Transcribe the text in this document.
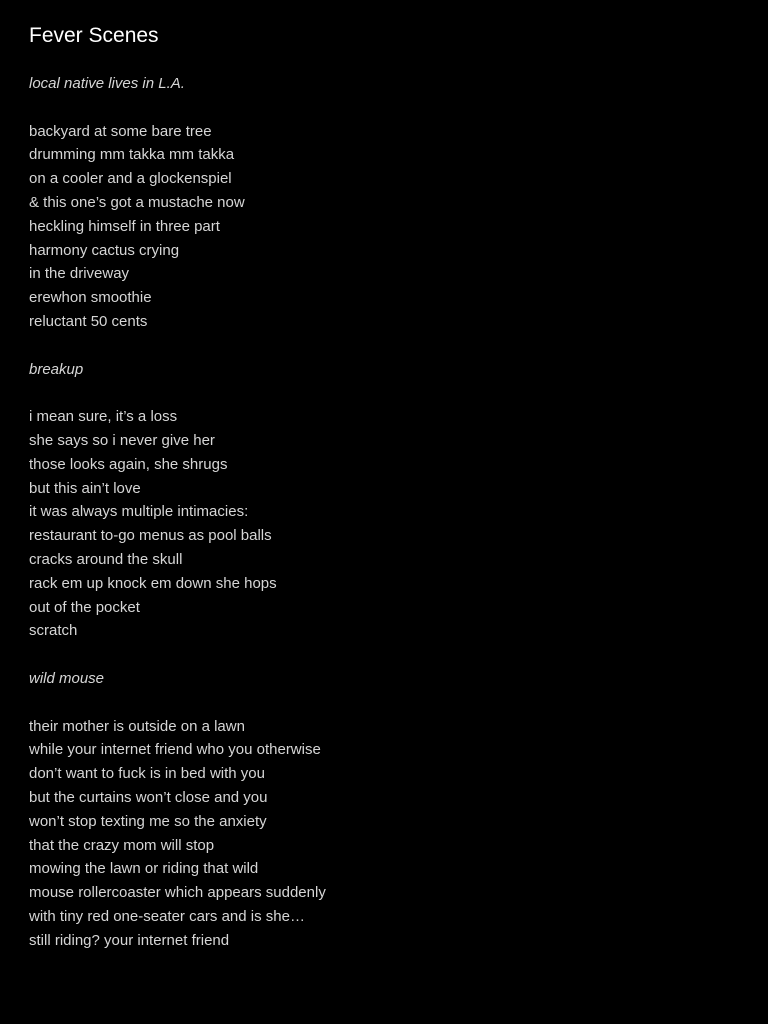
Fever Scenes
local native lives in L.A.
backyard at some bare tree
drumming mm takka mm takka
on a cooler and a glockenspiel
& this one’s got a mustache now
heckling himself in three part
harmony cactus crying
in the driveway
erewhon smoothie
reluctant 50 cents
breakup
i mean sure, it’s a loss
she says so i never give her
those looks again, she shrugs
but this ain’t love
it was always multiple intimacies:
restaurant to-go menus as pool balls
cracks around the skull
rack em up knock em down she hops
out of the pocket
scratch
wild mouse
their mother is outside on a lawn
while your internet friend who you otherwise
don’t want to fuck is in bed with you
but the curtains won’t close and you
won’t stop texting me so the anxiety
that the crazy mom will stop
mowing the lawn or riding that wild
mouse rollercoaster which appears suddenly
with tiny red one-seater cars and is she…
still riding? your internet friend
